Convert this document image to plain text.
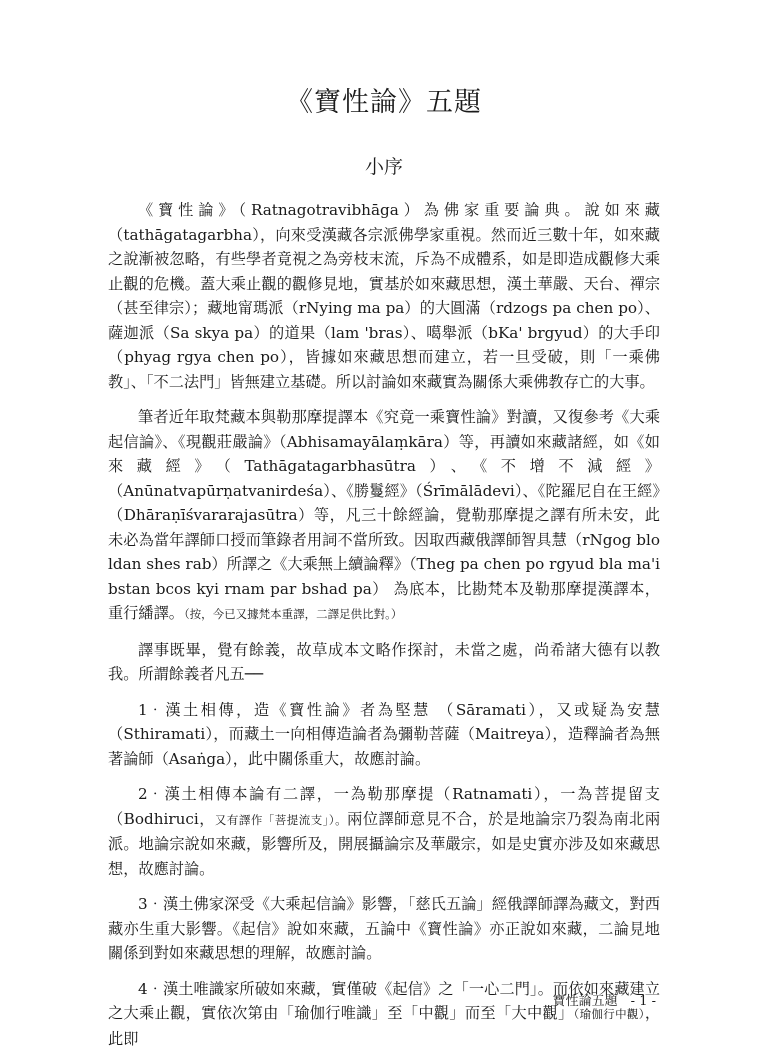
《寶性論》五題
小序

《寶性論》（Ratnagotravibhāga）為佛家重要論典。說如來藏（tathāgatagarbha），向來受漢藏各宗派佛學家重視。然而近三數十年，如來藏之說漸被忽略，有些學者竟視之為旁枝末流，斥為不成體系，如是即造成觀修大乘止觀的危機。蓋大乘止觀的觀修見地，實基於如來藏思想，漢土華嚴、天台、禪宗（甚至律宗）；藏地甯瑪派（rNying ma pa）的大圓滿（rdzogs pa chen po）、薩迦派（Sa skya pa）的道果（lam 'bras）、噶舉派（bKa' brgyud）的大手印（phyag rgya chen po），皆據如來藏思想而建立，若一旦受破，則「一乘佛教」、「不二法門」皆無建立基礎。所以討論如來藏實為關係大乘佛教存亡的大事。

筆者近年取梵藏本與勒那摩提譯本《究竟一乘寶性論》對讀，又復參考《大乘起信論》、《現觀莊嚴論》（Abhisamayālaṃkāra）等，再讀如來藏諸經，如《如來藏經》（Tathāgatagarbhasūtra）、《不增不減經》（Anūnatvapūrṇatvanirdeśa）、《勝鬘經》（Śrīmālādevi）、《陀羅尼自在王經》（Dhāraṇīśvararajasūtra）等，凡三十餘經論，覺勒那摩提之譯有所未安，此未必為當年譯師口授而筆錄者用詞不當所致。因取西藏俄譯師智具慧（rNgog blo ldan shes rab）所譯之《大乘無上續論釋》（Theg pa chen po rgyud bla ma'i bstan bcos kyi rnam par bshad pa） 為底本，比勘梵本及勒那摩提漢譯本，重行繙譯。（按，今已又據梵本重譯，二譯足供比對。）

譯事既畢，覺有餘義，故草成本文略作探討，未當之處，尚希諸大德有以教我。所謂餘義者凡五──

1‧漢土相傳，造《寶性論》者為堅慧 （Sāramati），又或疑為安慧 （Sthiramati），而藏土一向相傳造論者為彌勒菩薩（Maitreya），造釋論者為無著論師（Asaṅga），此中關係重大，故應討論。

2‧漢土相傳本論有二譯，一為勒那摩提（Ratnamati），一為菩提留支（Bodhiruci，又有譯作「菩提流支」）。兩位譯師意見不合，於是地論宗乃裂為南北兩派。地論宗說如來藏，影響所及，開展攝論宗及華嚴宗，如是史實亦涉及如來藏思想，故應討論。

3‧漢土佛家深受《大乘起信論》影響，「慈氏五論」經俄譯師譯為藏文，對西藏亦生重大影響。《起信》說如來藏，五論中《寶性論》亦正說如來藏，二論見地關係到對如來藏思想的理解，故應討論。

4‧漢土唯識家所破如來藏，實僅破《起信》之「一心二門」。而依如來藏建立之大乘止觀，實依次第由「瑜伽行唯識」至「中觀」而至「大中觀」（瑜伽行中觀），此即

寶性論五題　- 1 -
